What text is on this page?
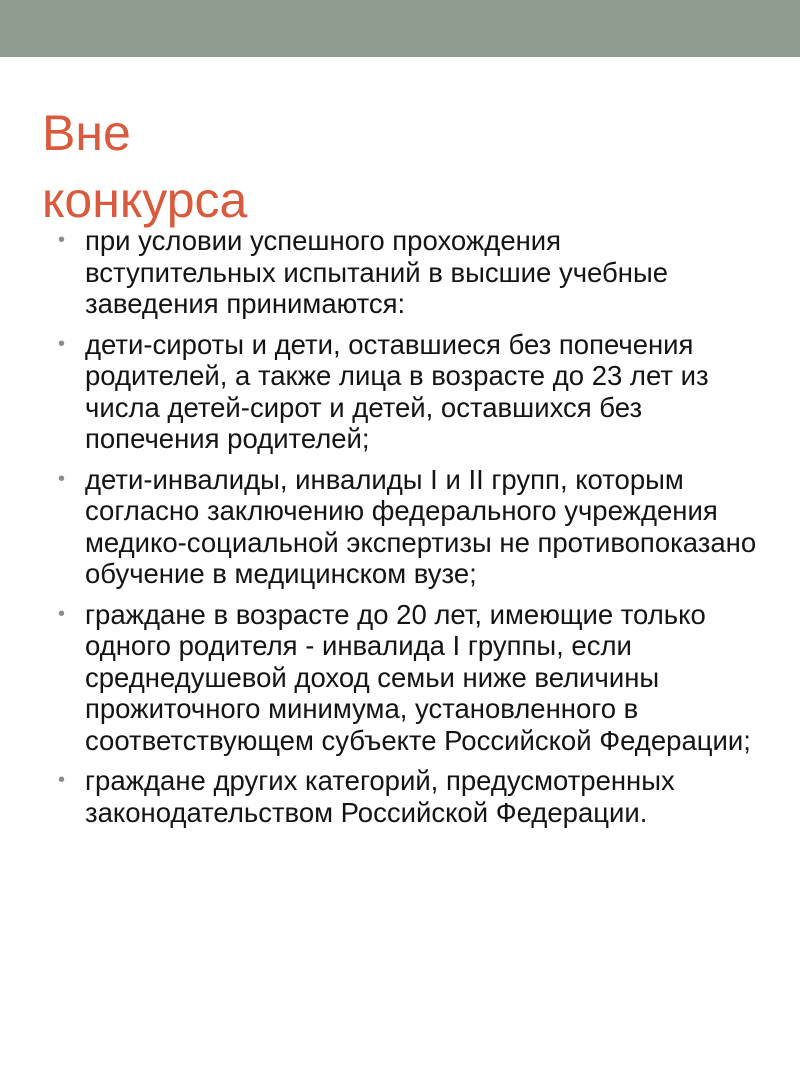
Вне
конкурса
• при условии успешного прохождения вступительных испытаний в высшие учебные заведения принимаются:
• дети-сироты и дети, оставшиеся без попечения родителей, а также лица в возрасте до 23 лет из числа детей-сирот и детей, оставшихся без попечения родителей;
• дети-инвалиды, инвалиды I и II групп, которым согласно заключению федерального учреждения медико-социальной экспертизы не противопоказано обучение в медицинском вузе;
• граждане в возрасте до 20 лет, имеющие только одного родителя - инвалида I группы, если среднедушевой доход семьи ниже величины прожиточного минимума, установленного в соответствующем субъекте Российской Федерации;
• граждане других категорий, предусмотренных законодательством Российской Федерации.
